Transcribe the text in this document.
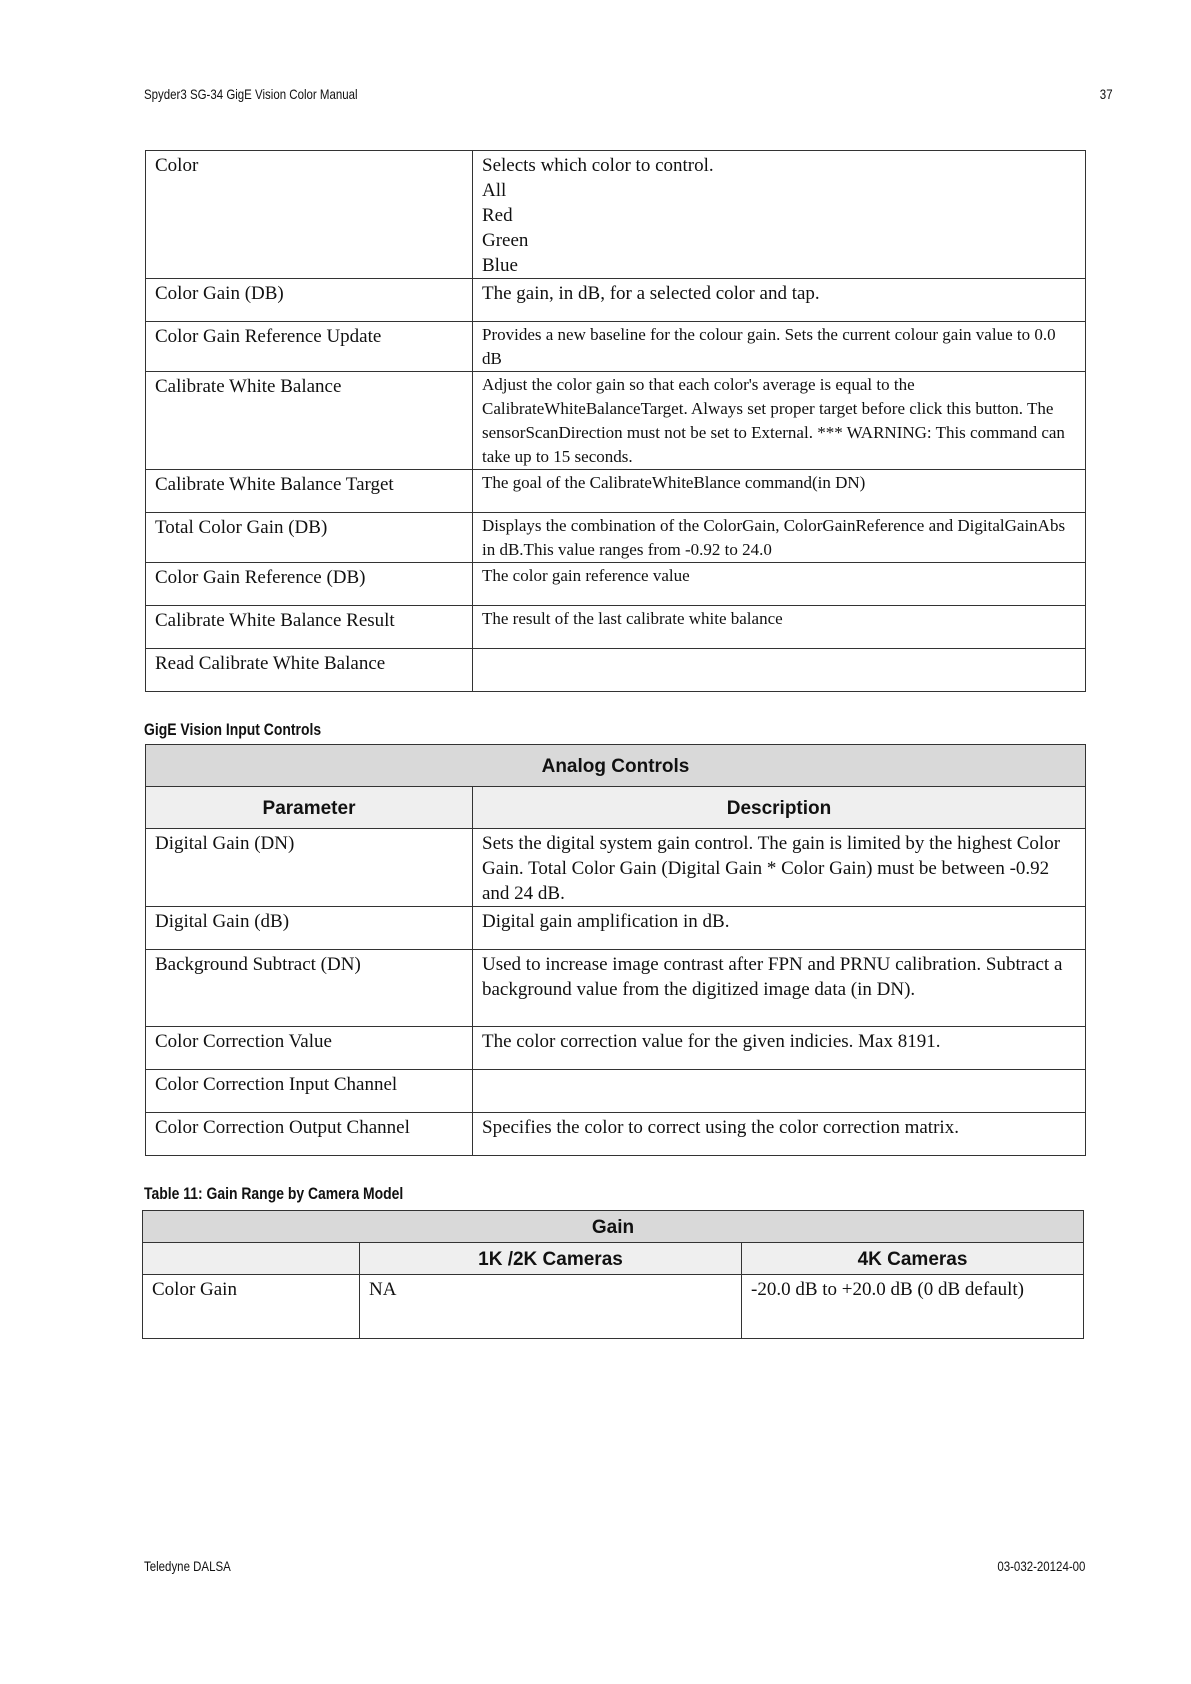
Spyder3 SG-34 GigE Vision Color Manual	37
Color	Selects which color to control.
All
Red
Green
Blue

Color Gain (DB)	The gain, in dB, for a selected color and tap.
Color Gain Reference Update	Provides a new baseline for the colour gain. Sets the current colour gain value to 0.0 dB
Calibrate White Balance	Adjust the color gain so that each color's average is equal to the CalibrateWhiteBalanceTarget. Always set proper target before click this button. The sensorScanDirection must not be set to External. *** WARNING: This command can take up to 15 seconds.
Calibrate White Balance Target	The goal of the CalibrateWhiteBlance command(in DN)
Total Color Gain (DB)	Displays the combination of the ColorGain, ColorGainReference and DigitalGainAbs in dB.This value ranges from -0.92 to 24.0
Color Gain Reference (DB)	The color gain reference value
Calibrate White Balance Result	The result of the last calibrate white balance
Read Calibrate White Balance	
GigE Vision Input Controls
Analog Controls	
Parameter	Description
Digital Gain (DN)	Sets the digital system gain control. The gain is limited by the highest Color Gain. Total Color Gain (Digital Gain * Color Gain) must be between -0.92 and 24 dB.
Digital Gain (dB)	Digital gain amplification in dB.
Background Subtract (DN)	Used to increase image contrast after FPN and PRNU calibration. Subtract a background value from the digitized image data (in DN).
Color Correction Value	The color correction value for the given indicies. Max 8191.
Color Correction Input Channel	
Color Correction Output Channel	Specifies the color to correct using the color correction matrix.
Table 11: Gain Range by Camera Model
Gain		
	1K /2K Cameras	4K Cameras
Color Gain	NA	-20.0 dB to +20.0 dB (0 dB default)
Teledyne DALSA	03-032-20124-00
